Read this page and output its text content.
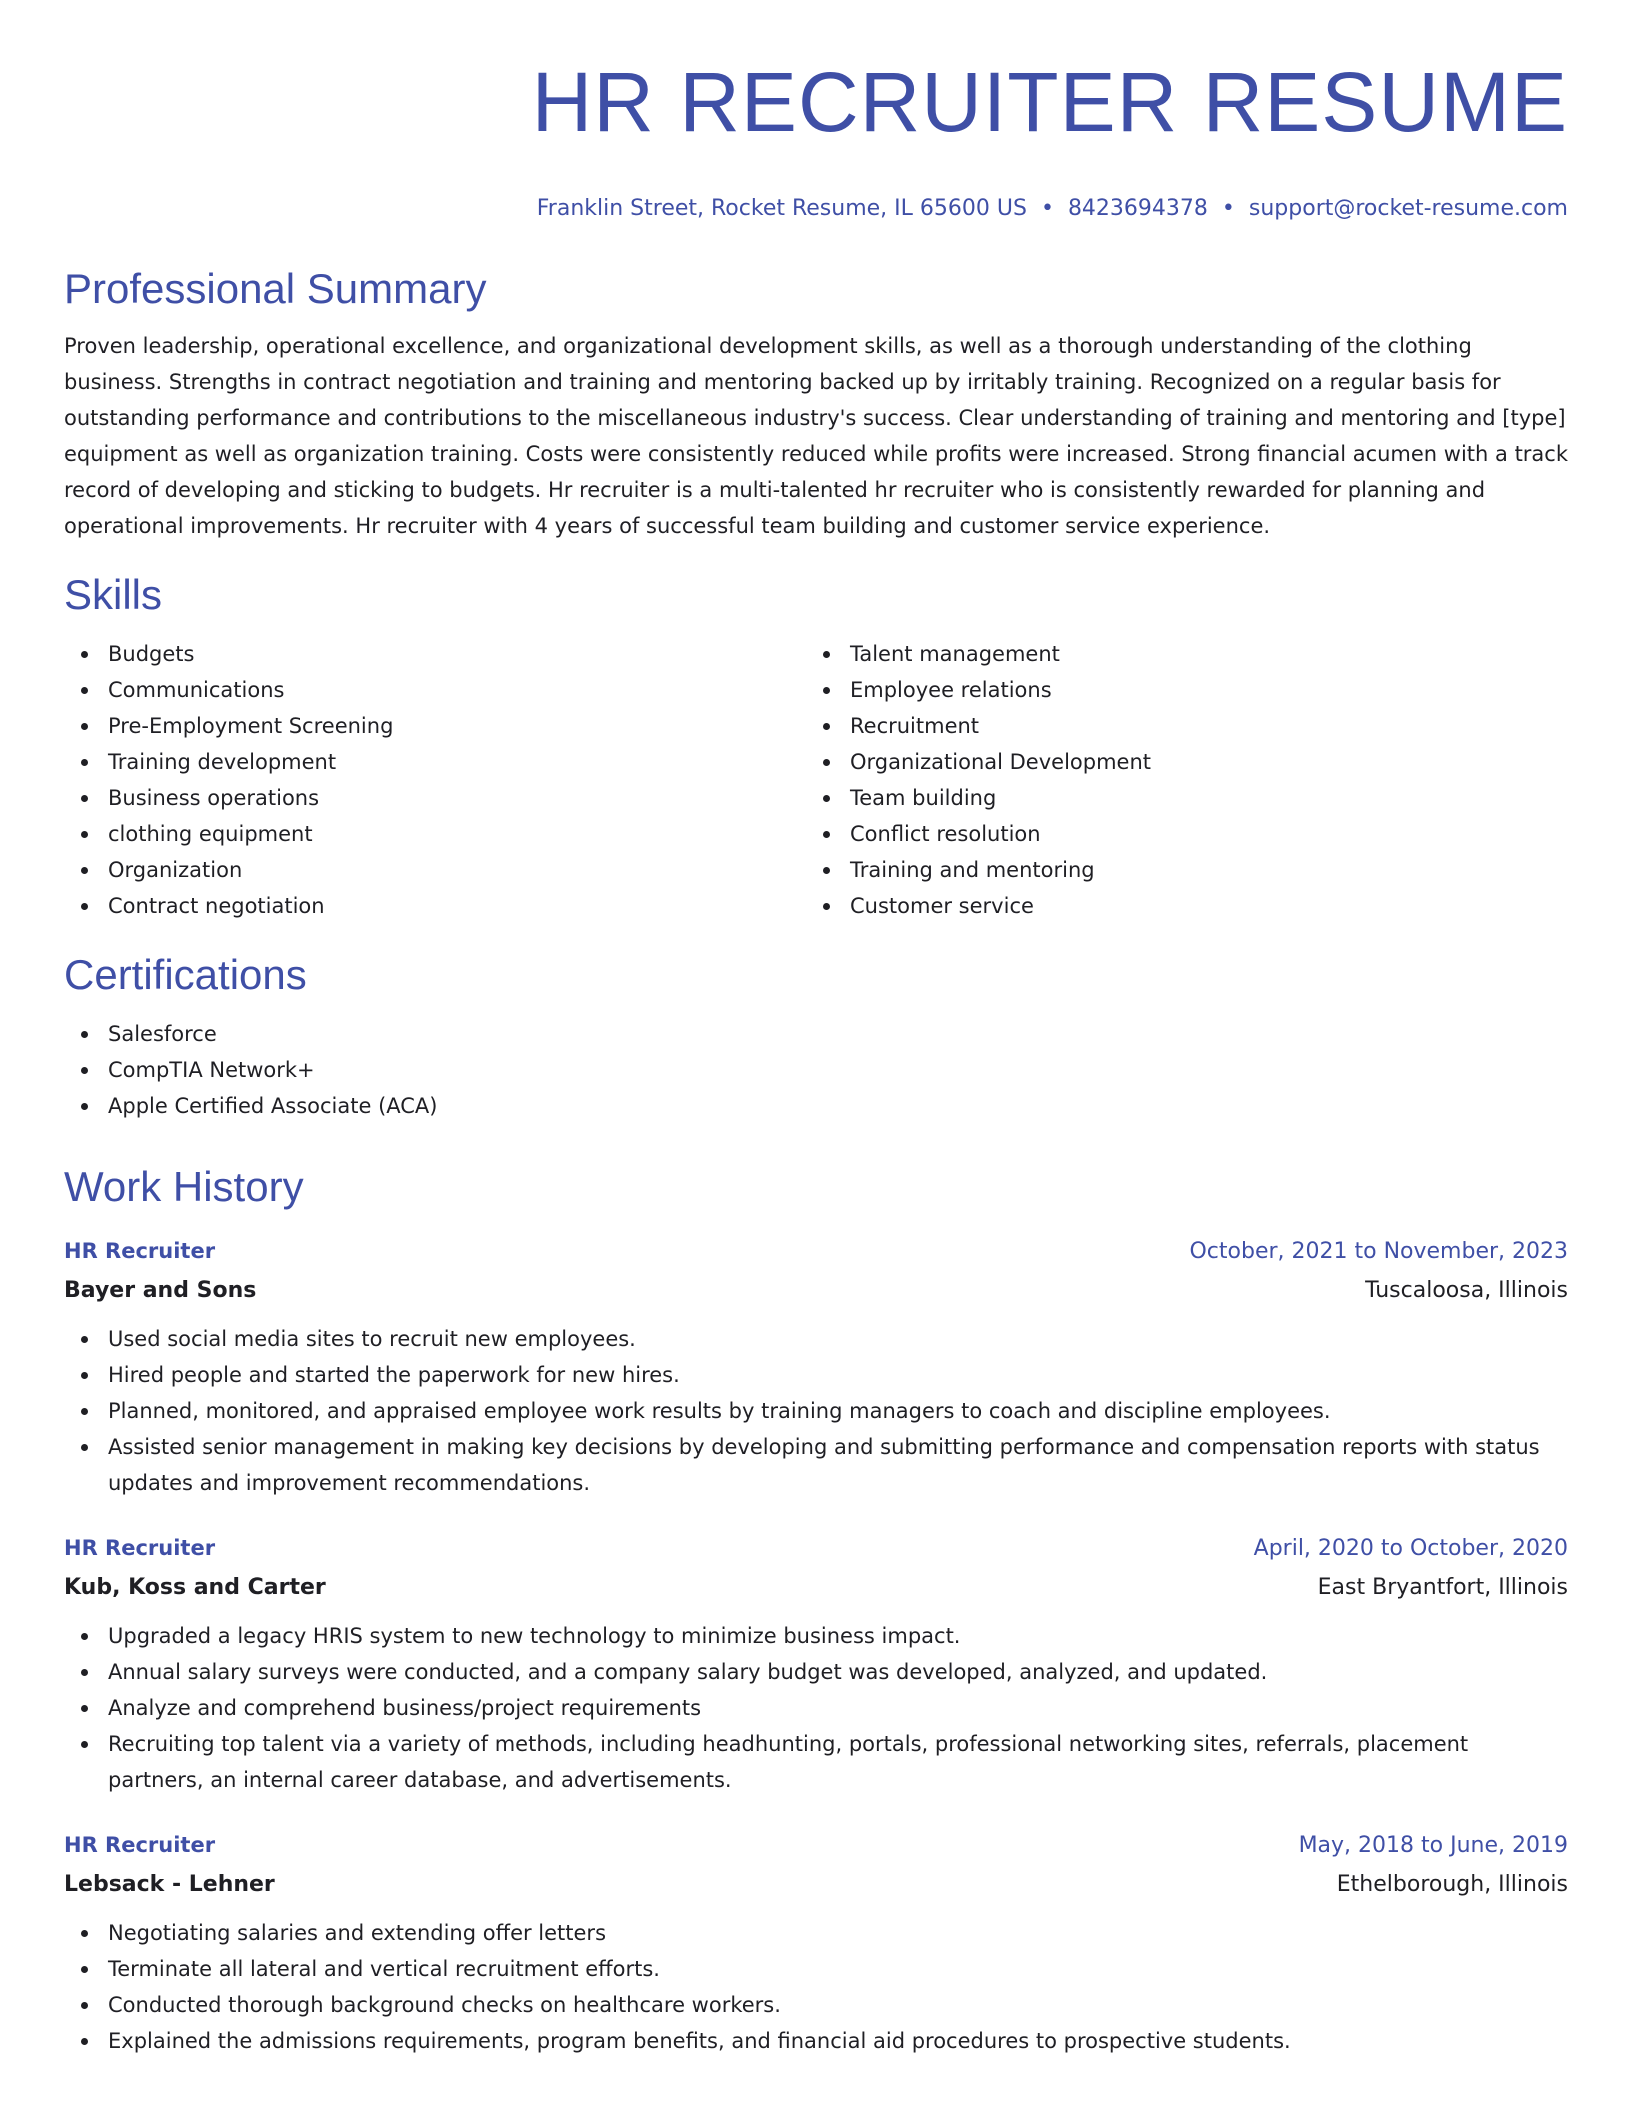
HR RECRUITER RESUME
Franklin Street, Rocket Resume, IL 65600 US • 8423694378 • support@rocket-resume.com
Professional Summary

Proven leadership, operational excellence, and organizational development skills, as well as a thorough understanding of the clothing business. Strengths in contract negotiation and training and mentoring backed up by irritably training. Recognized on a regular basis for outstanding performance and contributions to the miscellaneous industry's success. Clear understanding of training and mentoring and [type] equipment as well as organization training. Costs were consistently reduced while profits were increased. Strong financial acumen with a track record of developing and sticking to budgets. Hr recruiter is a multi-talented hr recruiter who is consistently rewarded for planning and operational improvements. Hr recruiter with 4 years of successful team building and customer service experience.

Skills
Budgets
Communications
Pre-Employment Screening
Training development
Business operations
clothing equipment
Organization
Contract negotiation
Talent management
Employee relations
Recruitment
Organizational Development
Team building
Conflict resolution
Training and mentoring
Customer service
Certifications
Salesforce
CompTIA Network+
Apple Certified Associate (ACA)
Work History
HR Recruiter	October, 2021 to November, 2023
Bayer and Sons	Tuscaloosa, Illinois
Used social media sites to recruit new employees.
Hired people and started the paperwork for new hires.
Planned, monitored, and appraised employee work results by training managers to coach and discipline employees.
Assisted senior management in making key decisions by developing and submitting performance and compensation reports with status updates and improvement recommendations.
HR Recruiter	April, 2020 to October, 2020
Kub, Koss and Carter	East Bryantfort, Illinois
Upgraded a legacy HRIS system to new technology to minimize business impact.
Annual salary surveys were conducted, and a company salary budget was developed, analyzed, and updated.
Analyze and comprehend business/project requirements
Recruiting top talent via a variety of methods, including headhunting, portals, professional networking sites, referrals, placement partners, an internal career database, and advertisements.
HR Recruiter	May, 2018 to June, 2019
Lebsack - Lehner	Ethelborough, Illinois
Negotiating salaries and extending offer letters
Terminate all lateral and vertical recruitment efforts.
Conducted thorough background checks on healthcare workers.
Explained the admissions requirements, program benefits, and financial aid procedures to prospective students.
